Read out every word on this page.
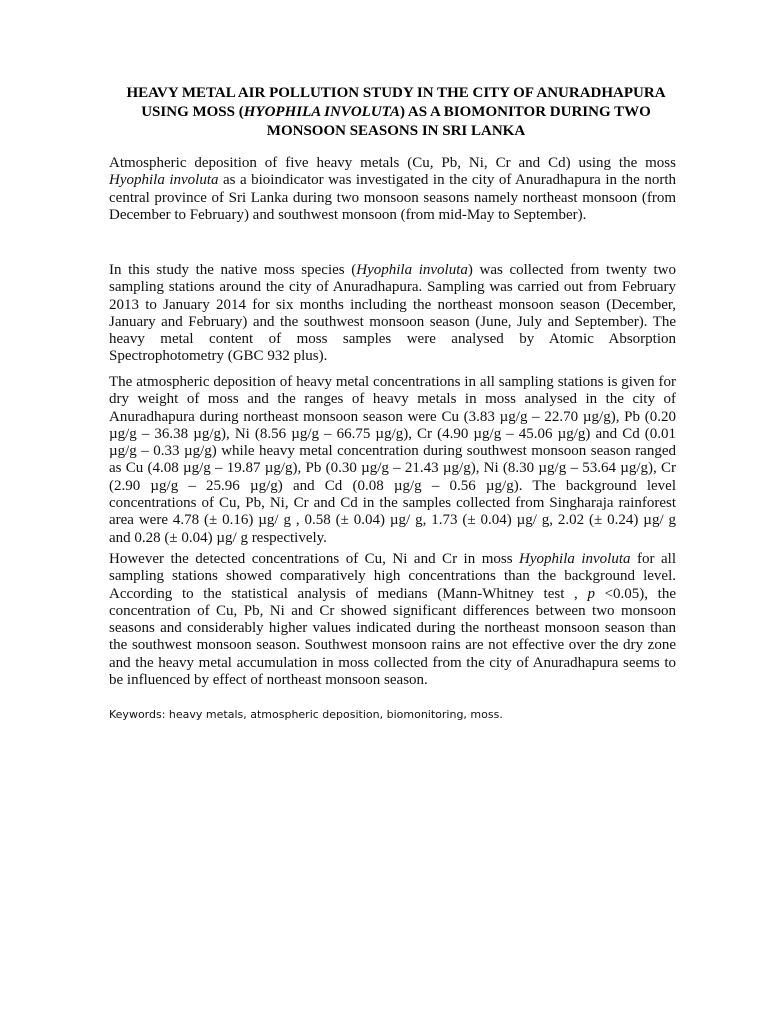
HEAVY METAL AIR POLLUTION STUDY IN THE CITY OF ANURADHAPURA
USING MOSS (HYOPHILA INVOLUTA) AS A BIOMONITOR DURING TWO
MONSOON SEASONS IN SRI LANKA

Atmospheric deposition of five heavy metals (Cu, Pb, Ni, Cr and Cd) using the moss Hyophila involuta as a bioindicator was investigated in the city of Anuradhapura in the north central province of Sri Lanka during two monsoon seasons namely northeast monsoon (from December to February) and southwest monsoon (from mid-May to September).

In this study the native moss species (Hyophila involuta) was collected from twenty two sampling stations around the city of Anuradhapura. Sampling was carried out from February 2013 to January 2014 for six months including the northeast monsoon season (December, January and February) and the southwest monsoon season (June, July and September). The heavy metal content of moss samples were analysed by Atomic Absorption Spectrophotometry (GBC 932 plus).

The atmospheric deposition of heavy metal concentrations in all sampling stations is given for dry weight of moss and the ranges of heavy metals in moss analysed in the city of Anuradhapura during northeast monsoon season were Cu (3.83 µg/g – 22.70 µg/g), Pb (0.20 µg/g – 36.38 µg/g), Ni (8.56 µg/g – 66.75 µg/g), Cr (4.90 µg/g – 45.06 µg/g) and Cd (0.01 µg/g – 0.33 µg/g) while heavy metal concentration during southwest monsoon season ranged as Cu (4.08 µg/g – 19.87 µg/g), Pb (0.30 µg/g – 21.43 µg/g), Ni (8.30 µg/g – 53.64 µg/g), Cr (2.90 µg/g – 25.96 µg/g) and Cd (0.08 µg/g – 0.56 µg/g). The background level concentrations of Cu, Pb, Ni, Cr and Cd in the samples collected from Singharaja rainforest area were 4.78 (± 0.16) µg/ g , 0.58 (± 0.04) µg/ g, 1.73 (± 0.04) µg/ g, 2.02 (± 0.24) µg/ g and 0.28 (± 0.04) µg/ g respectively.

However the detected concentrations of Cu, Ni and Cr in moss Hyophila involuta for all sampling stations showed comparatively high concentrations than the background level. According to the statistical analysis of medians (Mann-Whitney test , p <0.05), the concentration of Cu, Pb, Ni and Cr showed significant differences between two monsoon seasons and considerably higher values indicated during the northeast monsoon season than the southwest monsoon season. Southwest monsoon rains are not effective over the dry zone and the heavy metal accumulation in moss collected from the city of Anuradhapura seems to be influenced by effect of northeast monsoon season.

Keywords: heavy metals, atmospheric deposition, biomonitoring, moss.
